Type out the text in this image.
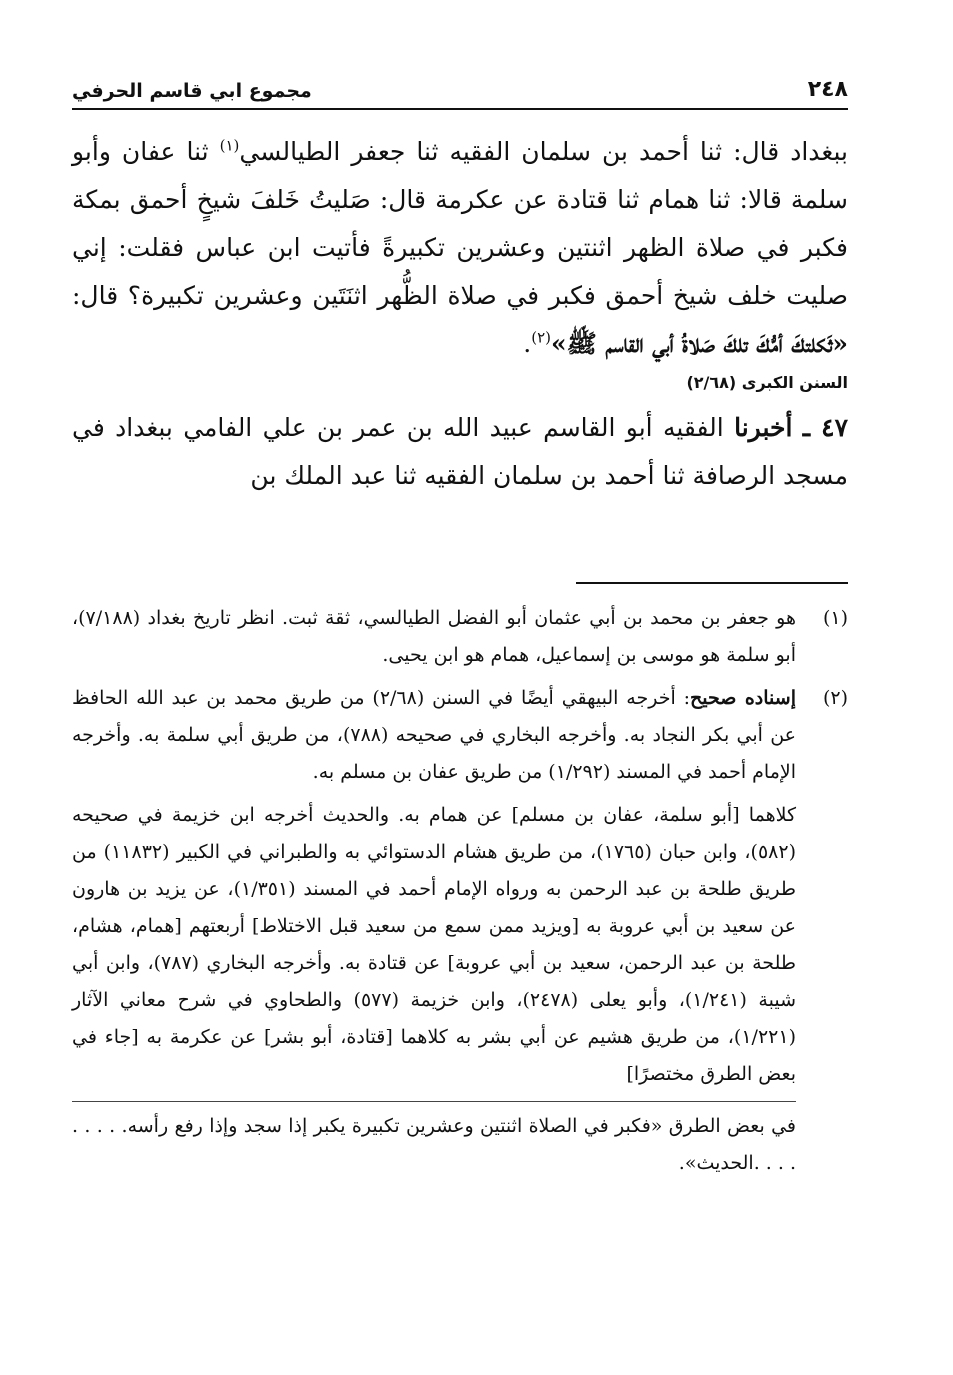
٢٤٨
مجموع ابي قاسم الحرفي

ببغداد قال: ثنا أحمد بن سلمان الفقيه ثنا جعفر الطيالسي$^{(١)}$ ثنا عفان وأبو سلمة قالا: ثنا همام ثنا قتادة عن عكرمة قال: صَليتُ خَلفَ شيخٍ أحمق بمكة فكبر في صلاة الظهر اثنتين وعشرين تكبيرةً فأتيت ابن عباس فقلت: إني صليت خلف شيخ أحمق فكبر في صلاة الظُّهر اثنَتَين وعشرين تكبيرة؟ قال: «ثَكلتكَ أمُّكَ تلكَ صَلاةُ أبي القاسم ﷺ»$^{(٢)}$.

السنن الكبرى (٢/٦٨)

٤٧ ـ أخبرنا الفقيه أبو القاسم عبيد الله بن عمر بن علي الفامي ببغداد في مسجد الرصافة ثنا أحمد بن سلمان الفقيه ثنا عبد الملك بن

(١)
هو جعفر بن محمد بن أبي عثمان أبو الفضل الطيالسي، ثقة ثبت. انظر تاريخ بغداد (٧/١٨٨)، أبو سلمة هو موسى بن إسماعيل، همام هو ابن يحيى.
(٢)
إسناده صحيح: أخرجه البيهقي أيضًا في السنن (٢/٦٨) من طريق محمد بن عبد الله الحافظ عن أبي بكر النجاد به. وأخرجه البخاري في صحيحه (٧٨٨)، من طريق أبي سلمة به. وأخرجه الإمام أحمد في المسند (١/٢٩٢) من طريق عفان بن مسلم به.

كلاهما [أبو سلمة، عفان بن مسلم] عن همام به. والحديث أخرجه ابن خزيمة في صحيحه (٥٨٢)، وابن حبان (١٧٦٥)، من طريق هشام الدستوائي به والطبراني في الكبير (١١٨٣٢) من طريق طلحة بن عبد الرحمن به ورواه الإمام أحمد في المسند (١/٣٥١)، عن يزيد بن هارون عن سعيد بن أبي عروبة به [ويزيد ممن سمع من سعيد قبل الاختلاط] أربعتهم [همام، هشام، طلحة بن عبد الرحمن، سعيد بن أبي عروبة] عن قتادة به. وأخرجه البخاري (٧٨٧)، وابن أبي شيبة (١/٢٤١)، وأبو يعلى (٢٤٧٨)، وابن خزيمة (٥٧٧) والطحاوي في شرح معاني الآثار (١/٢٢١)، من طريق هشيم عن أبي بشر به كلاهما [قتادة، أبو بشر] عن عكرمة به [جاء في بعض الطرق مختصرًا]

في بعض الطرق «فكبر في الصلاة اثنتين وعشرين تكبيرة يكبر إذا سجد وإذا رفع رأسه. . . . . . . . .الحديث».
